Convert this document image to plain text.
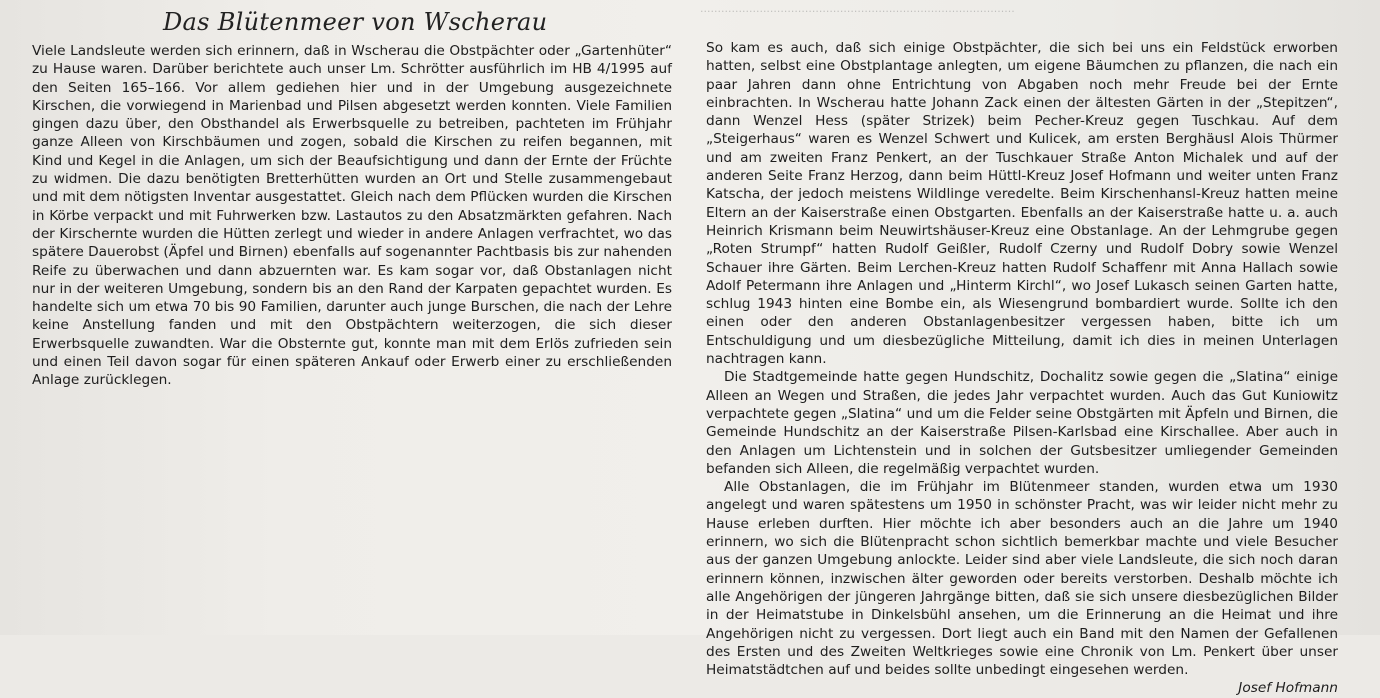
..........................................................................................
Das Blütenmeer von Wscherau

Viele Landsleute werden sich erinnern, daß in Wscherau die Obstpächter oder „Gartenhüter“ zu Hause waren. Darüber berichtete auch unser Lm. Schrötter ausführlich im HB 4/1995 auf den Seiten 165–166. Vor allem gediehen hier und in der Umgebung ausgezeichnete Kirschen, die vorwiegend in Marienbad und Pilsen abgesetzt werden konnten. Viele Familien gingen dazu über, den Obsthandel als Erwerbsquelle zu betreiben, pachteten im Frühjahr ganze Alleen von Kirschbäumen und zogen, sobald die Kirschen zu reifen begannen, mit Kind und Kegel in die Anlagen, um sich der Beaufsichtigung und dann der Ernte der Früchte zu widmen. Die dazu benötigten Bretterhütten wurden an Ort und Stelle zusammengebaut und mit dem nötigsten Inventar ausgestattet. Gleich nach dem Pflücken wurden die Kirschen in Körbe verpackt und mit Fuhrwerken bzw. Lastautos zu den Absatzmärkten gefahren. Nach der Kirschernte wurden die Hütten zerlegt und wieder in andere Anlagen verfrachtet, wo das spätere Dauerobst (Äpfel und Birnen) ebenfalls auf sogenannter Pachtbasis bis zur nahenden Reife zu überwachen und dann abzuernten war. Es kam sogar vor, daß Obstanlagen nicht nur in der weiteren Umgebung, sondern bis an den Rand der Karpaten gepachtet wurden. Es handelte sich um etwa 70 bis 90 Familien, darunter auch junge Burschen, die nach der Lehre keine Anstellung fanden und mit den Obstpächtern weiterzogen, die sich dieser Erwerbsquelle zuwandten. War die Obsternte gut, konnte man mit dem Erlös zufrieden sein und einen Teil davon sogar für einen späteren Ankauf oder Erwerb einer zu erschließenden Anlage zurücklegen.

So kam es auch, daß sich einige Obstpächter, die sich bei uns ein Feldstück erworben hatten, selbst eine Obstplantage anlegten, um eigene Bäumchen zu pflanzen, die nach ein paar Jahren dann ohne Entrichtung von Abgaben noch mehr Freude bei der Ernte einbrachten. In Wscherau hatte Johann Zack einen der ältesten Gärten in der „Stepitzen“, dann Wenzel Hess (später Strizek) beim Pecher-Kreuz gegen Tuschkau. Auf dem „Steigerhaus“ waren es Wenzel Schwert und Kulicek, am ersten Berghäusl Alois Thürmer und am zweiten Franz Penkert, an der Tuschkauer Straße Anton Michalek und auf der anderen Seite Franz Herzog, dann beim Hüttl-Kreuz Josef Hofmann und weiter unten Franz Katscha, der jedoch meistens Wildlinge veredelte. Beim Kirschenhansl-Kreuz hatten meine Eltern an der Kaiserstraße einen Obstgarten. Ebenfalls an der Kaiserstraße hatte u. a. auch Heinrich Krismann beim Neuwirtshäuser-Kreuz eine Obstanlage. An der Lehmgrube gegen „Roten Strumpf“ hatten Rudolf Geißler, Rudolf Czerny und Rudolf Dobry sowie Wenzel Schauer ihre Gärten. Beim Lerchen-Kreuz hatten Rudolf Schaffenr mit Anna Hallach sowie Adolf Petermann ihre Anlagen und „Hinterm Kirchl“, wo Josef Lukasch seinen Garten hatte, schlug 1943 hinten eine Bombe ein, als Wiesengrund bombardiert wurde. Sollte ich den einen oder den anderen Obstanlagenbesitzer vergessen haben, bitte ich um Entschuldigung und um diesbezügliche Mitteilung, damit ich dies in meinen Unterlagen nachtragen kann.

Die Stadtgemeinde hatte gegen Hundschitz, Dochalitz sowie gegen die „Slatina“ einige Alleen an Wegen und Straßen, die jedes Jahr verpachtet wurden. Auch das Gut Kuniowitz verpachtete gegen „Slatina“ und um die Felder seine Obstgärten mit Äpfeln und Birnen, die Gemeinde Hundschitz an der Kaiserstraße Pilsen-Karlsbad eine Kirschallee. Aber auch in den Anlagen um Lichtenstein und in solchen der Gutsbesitzer umliegender Gemeinden befanden sich Alleen, die regelmäßig verpachtet wurden.

Alle Obstanlagen, die im Frühjahr im Blütenmeer standen, wurden etwa um 1930 angelegt und waren spätestens um 1950 in schönster Pracht, was wir leider nicht mehr zu Hause erleben durften. Hier möchte ich aber besonders auch an die Jahre um 1940 erinnern, wo sich die Blütenpracht schon sichtlich bemerkbar machte und viele Besucher aus der ganzen Umgebung anlockte. Leider sind aber viele Landsleute, die sich noch daran erinnern können, inzwischen älter geworden oder bereits verstorben. Deshalb möchte ich alle Angehörigen der jüngeren Jahrgänge bitten, daß sie sich unsere diesbezüglichen Bilder in der Heimatstube in Dinkelsbühl ansehen, um die Erinnerung an die Heimat und ihre Angehörigen nicht zu vergessen. Dort liegt auch ein Band mit den Namen der Gefallenen des Ersten und des Zweiten Weltkrieges sowie eine Chronik von Lm. Penkert über unser Heimatstädtchen auf und beides sollte unbedingt eingesehen werden.

Josef Hofmann
